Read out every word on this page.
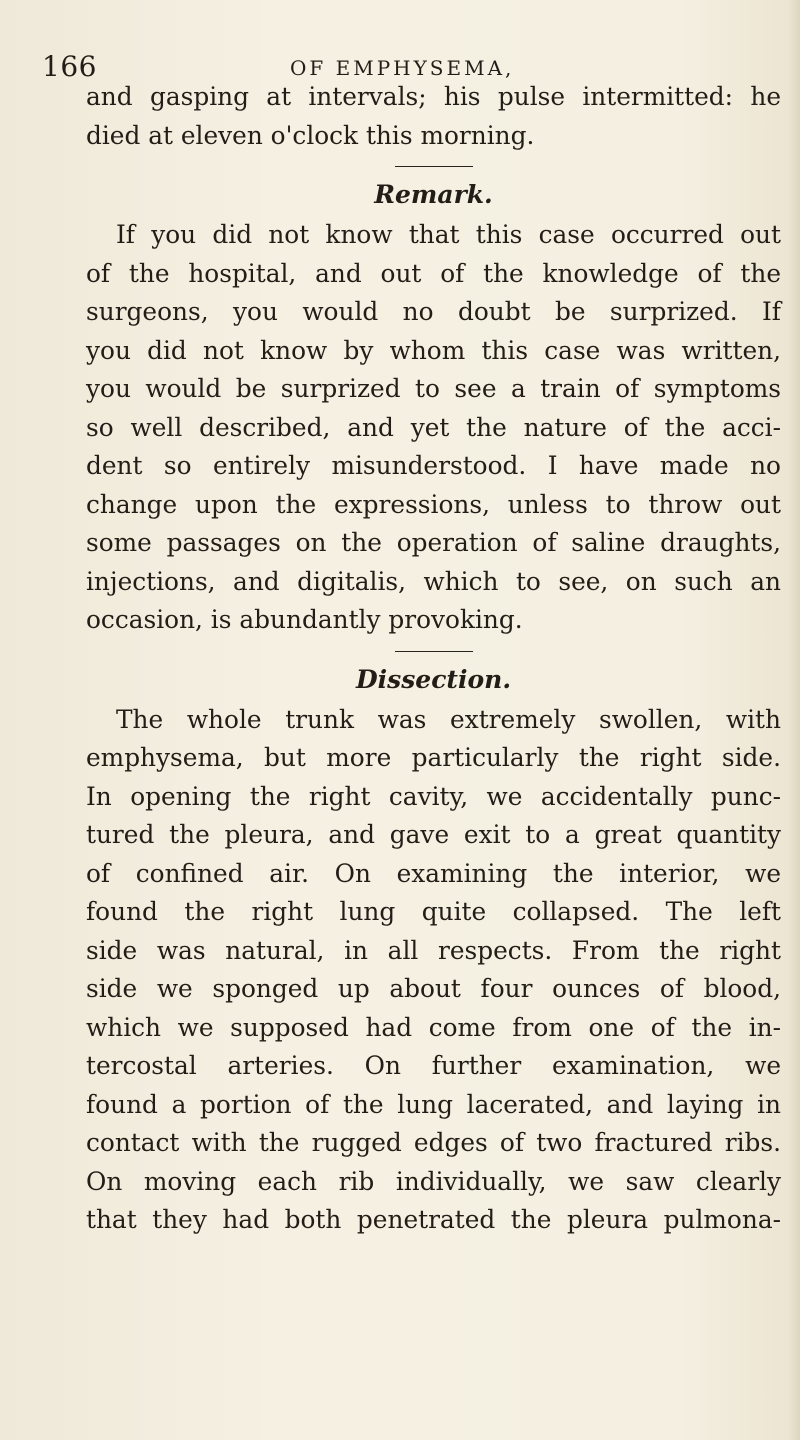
166	OF EMPHYSEMA,
and gasping at intervals; his pulse intermitted: he
died at eleven o'clock this morning.
Remark.
If you did not know that this case occurred out
of the hospital, and out of the knowledge of the
surgeons, you would no doubt be surprized. If
you did not know by whom this case was written,
you would be surprized to see a train of symptoms
so well described, and yet the nature of the acci-
dent so entirely misunderstood. I have made no
change upon the expressions, unless to throw out
some passages on the operation of saline draughts,
injections, and digitalis, which to see, on such an
occasion, is abundantly provoking.
Dissection.
The whole trunk was extremely swollen, with
emphysema, but more particularly the right side.
In opening the right cavity, we accidentally punc-
tured the pleura, and gave exit to a great quantity
of confined air. On examining the interior, we
found the right lung quite collapsed. The left
side was natural, in all respects. From the right
side we sponged up about four ounces of blood,
which we supposed had come from one of the in-
tercostal arteries. On further examination, we
found a portion of the lung lacerated, and laying in
contact with the rugged edges of two fractured ribs.
On moving each rib individually, we saw clearly
that they had both penetrated the pleura pulmona-
